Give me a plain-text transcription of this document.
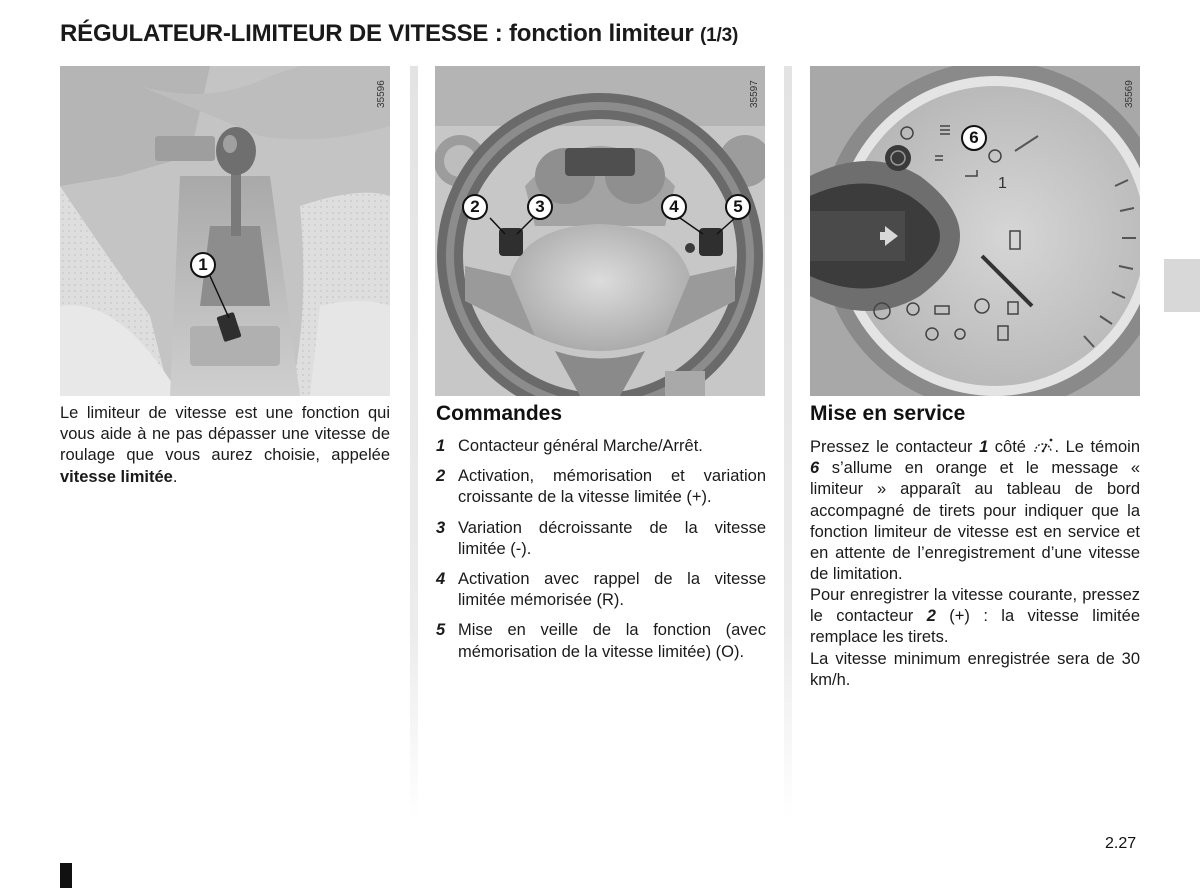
RÉGULATEUR-LIMITEUR DE VITESSE : fonction limiteur (1/3)
35596
1
35597
2	3	4	5
35569
1
6

Le limiteur de vitesse est une fonction qui vous aide à ne pas dépasser une vitesse de roulage que vous aurez choisie, appelée vitesse limitée.

Commandes
1 Contacteur général Marche/Arrêt.
2 Activation, mémorisation et variation croissante de la vitesse limitée (+).
3 Variation décroissante de la vitesse limitée (-).
4 Activation avec rappel de la vitesse limitée mémorisée (R).
5 Mise en veille de la fonction (avec mémorisation de la vitesse limitée) (O).
Mise en service

Pressez le contacteur 1 côté . Le témoin 6 s’allume en orange et le message « limiteur » apparaît au tableau de bord accompagné de tirets pour indiquer que la fonction limiteur de vitesse est en service et en attente de l’enregistrement d’une vitesse de limitation.

Pour enregistrer la vitesse courante, pressez le contacteur 2 (+) : la vitesse limitée remplace les tirets.

La vitesse minimum enregistrée sera de 30 km/h.

2.27
